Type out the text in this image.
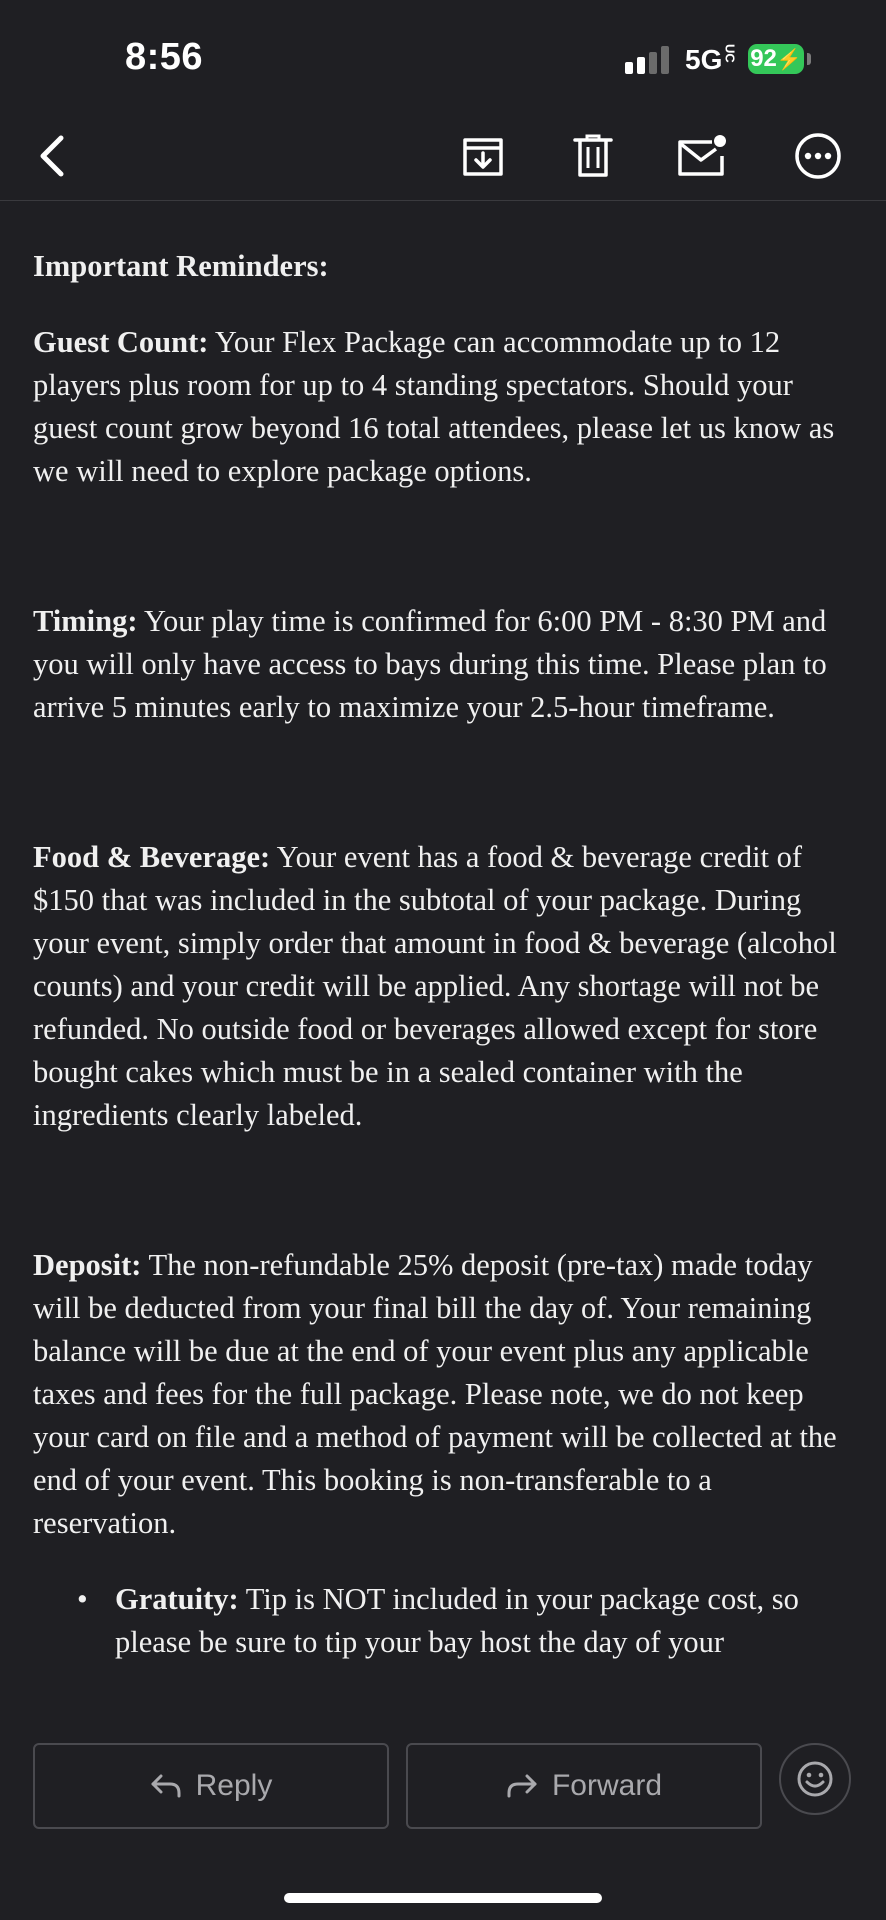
8:56	5GUC 92⚡

Important Reminders:

Guest Count: Your Flex Package can accommodate up to 12 players plus room for up to 4 standing spectators. Should your guest count grow beyond 16 total attendees, please let us know as we will need to explore package options.

Timing: Your play time is confirmed for 6:00 PM - 8:30 PM and you will only have access to bays during this time. Please plan to arrive 5 minutes early to maximize your 2.5-hour timeframe.

Food & Beverage: Your event has a food & beverage credit of $150 that was included in the subtotal of your package. During your event, simply order that amount in food & beverage (alcohol counts) and your credit will be applied. Any shortage will not be refunded. No outside food or beverages allowed except for store bought cakes which must be in a sealed container with the ingredients clearly labeled.

Deposit: The non-refundable 25% deposit (pre-tax) made today will be deducted from your final bill the day of. Your remaining balance will be due at the end of your event plus any applicable taxes and fees for the full package. Please note, we do not keep your card on file and a method of payment will be collected at the end of your event. This booking is non-transferable to a reservation.

• Gratuity: Tip is NOT included in your package cost, so please be sure to tip your bay host the day of your

Reply	Forward
